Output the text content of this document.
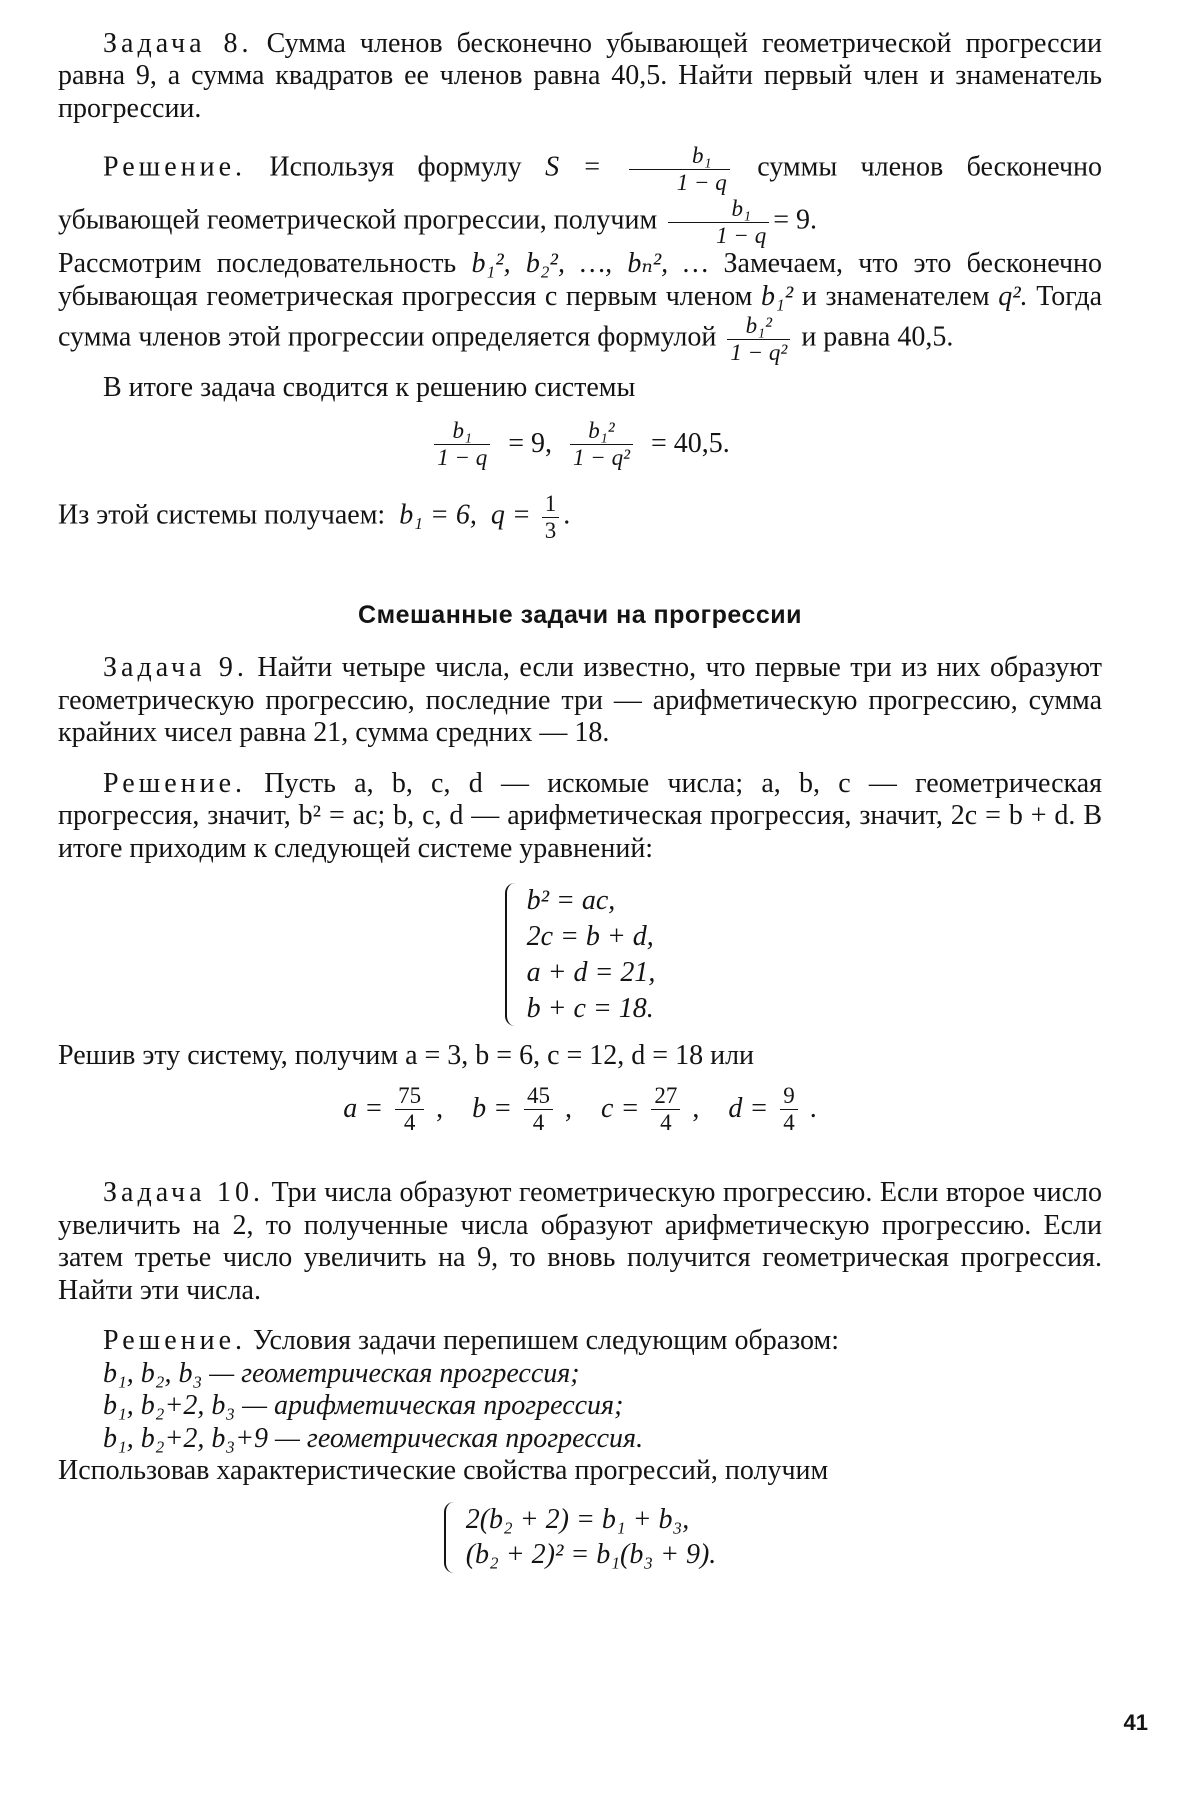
Задача 8. Сумма членов бесконечно убывающей геометрической прогрессии равна 9, а сумма квадратов ее членов равна 40,5. Найти первый член и знаменатель прогрессии.

Решение. Используя формулу $S = \frac{\text{b₁}}{1 - q}$ суммы членов бесконечно убывающей геометрической прогрессии, получим $\frac{\text{b₁}}{1 - q} = 9$.

Рассмотрим последовательность b₁², b₂², …, bₙ², … Замечаем, что это бесконечно убывающая геометрическая прогрессия с первым членом b₁² и знаменателем q². Тогда сумма членов этой прогрессии определяется формулой $\frac{\text{b₁²}}{\text{1 − q²}}$ и равна 40,5.

В итоге задача сводится к решению системы

$\frac{\text{b₁}}{1 - q} = 9$, $\frac{\text{b₁²}}{\text{1 − q²}} = 40,5$.

Из этой системы получаем: b₁ = 6, $q = \frac{1}{3}$ .

Смешанные задачи на прогрессии

Задача 9. Найти четыре числа, если известно, что первые три из них образуют геометрическую прогрессию, последние три — арифметическую прогрессию, сумма крайних чисел равна 21, сумма средних — 18.

Решение. Пусть a, b, c, d — искомые числа; a, b, c — геометрическая прогрессия, значит, b² = ac; b, c, d — арифметическая прогрессия, значит, 2c = b + d. В итоге приходим к следующей системе уравнений:

b² = ac,
2c = b + d,
a + d = 21,
b + c = 18.

Решив эту систему, получим a = 3, b = 6, c = 12, d = 18 или

$a = \frac{75}{4}$ , $b = \frac{45}{4}$ , $c = \frac{27}{4}$ , $d = \frac{9}{4}$ .

Задача 10. Три числа образуют геометрическую прогрессию. Если второе число увеличить на 2, то полученные числа образуют арифметическую прогрессию. Если затем третье число увеличить на 9, то вновь получится геометрическая прогрессия. Найти эти числа.

Решение. Условия задачи перепишем следующим образом:

b₁, b₂, b₃ — геометрическая прогрессия;

b₁, b₂+2, b₃ — арифметическая прогрессия;

b₁, b₂+2, b₃+9 — геометрическая прогрессия.

Использовав характеристические свойства прогрессий, получим

2(b₂ + 2) = b₁ + b₃,
(b₂ + 2)² = b₁(b₃ + 9).
41
